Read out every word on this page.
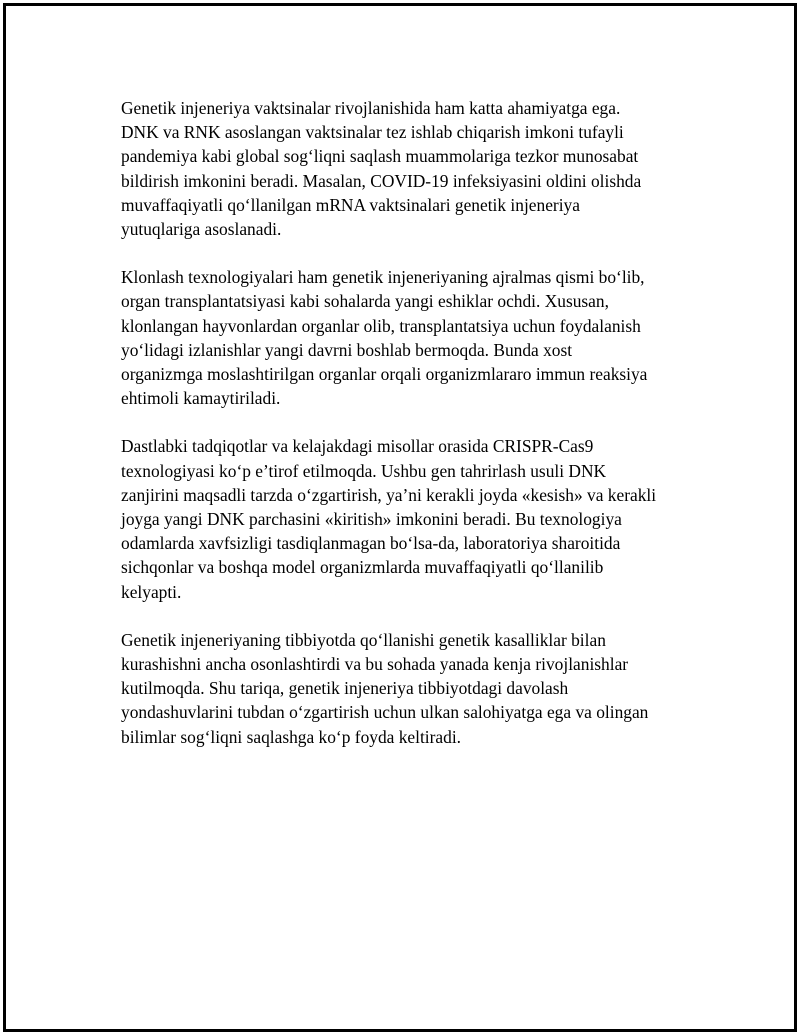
Genetik injeneriya vaktsinalar rivojlanishida ham katta ahamiyatga ega.
DNK va RNK asoslangan vaktsinalar tez ishlab chiqarish imkoni tufayli
pandemiya kabi global sog‘liqni saqlash muammolariga tezkor munosabat
bildirish imkonini beradi. Masalan, COVID-19 infeksiyasini oldini olishda
muvaffaqiyatli qo‘llanilgan mRNA vaktsinalari genetik injeneriya
yutuqlariga asoslanadi.

Klonlash texnologiyalari ham genetik injeneriyaning ajralmas qismi bo‘lib,
organ transplantatsiyasi kabi sohalarda yangi eshiklar ochdi. Xususan,
klonlangan hayvonlardan organlar olib, transplantatsiya uchun foydalanish
yo‘lidagi izlanishlar yangi davrni boshlab bermoqda. Bunda xost
organizmga moslashtirilgan organlar orqali organizmlararo immun reaksiya
ehtimoli kamaytiriladi.

Dastlabki tadqiqotlar va kelajakdagi misollar orasida CRISPR-Cas9
texnologiyasi ko‘p e’tirof etilmoqda. Ushbu gen tahrirlash usuli DNK
zanjirini maqsadli tarzda o‘zgartirish, ya’ni kerakli joyda «kesish» va kerakli
joyga yangi DNK parchasini «kiritish» imkonini beradi. Bu texnologiya
odamlarda xavfsizligi tasdiqlanmagan bo‘lsa-da, laboratoriya sharoitida
sichqonlar va boshqa model organizmlarda muvaffaqiyatli qo‘llanilib
kelyapti.

Genetik injeneriyaning tibbiyotda qo‘llanishi genetik kasalliklar bilan
kurashishni ancha osonlashtirdi va bu sohada yanada kenja rivojlanishlar
kutilmoqda. Shu tariqa, genetik injeneriya tibbiyotdagi davolash
yondashuvlarini tubdan o‘zgartirish uchun ulkan salohiyatga ega va olingan
bilimlar sog‘liqni saqlashga ko‘p foyda keltiradi.
